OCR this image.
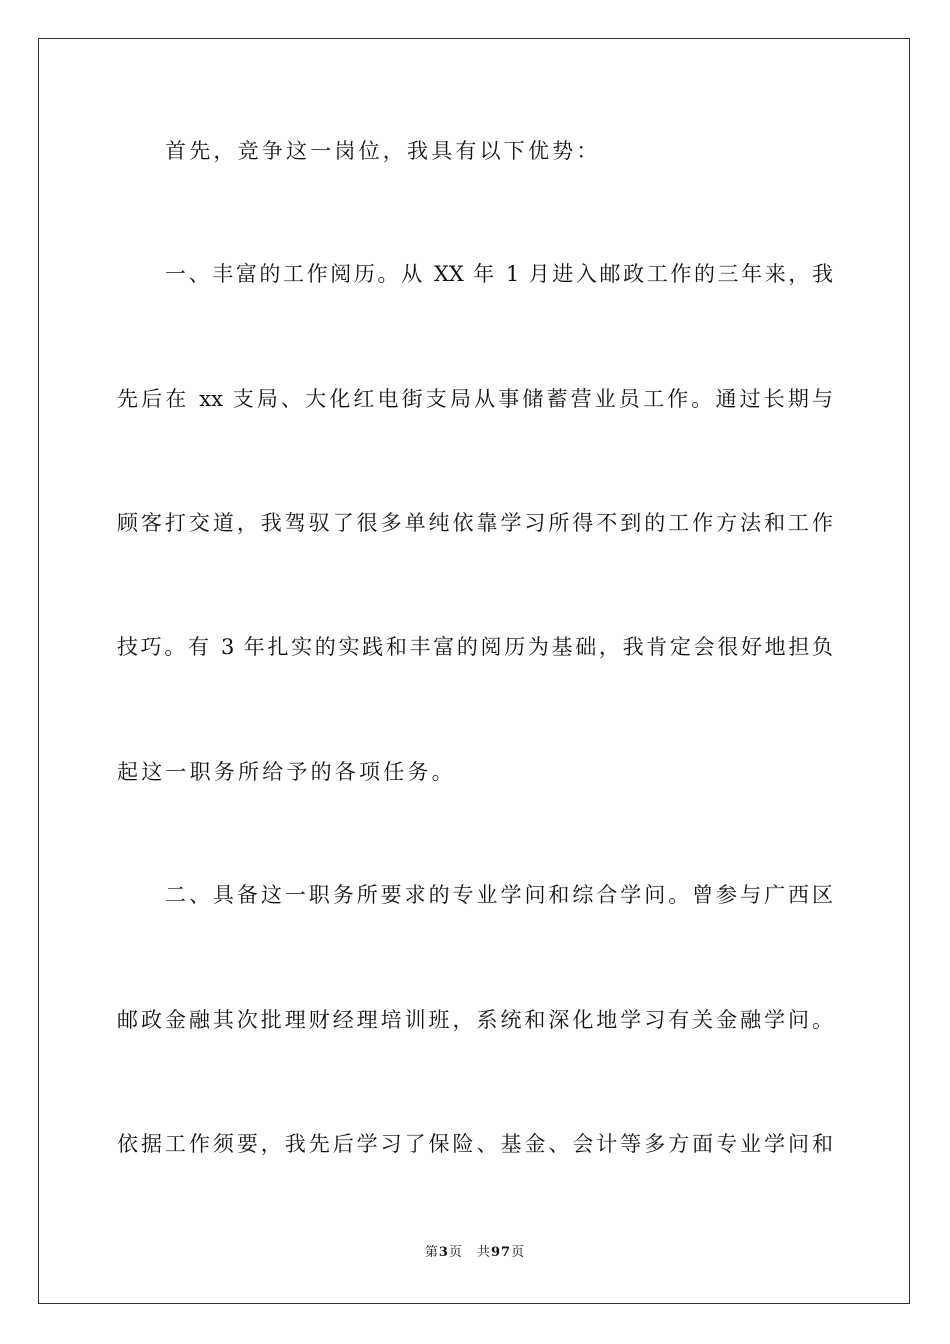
首先，竞争这一岗位，我具有以下优势：
一、丰富的工作阅历。从 XX 年 1 月进入邮政工作的三年来，我
先后在 xx 支局、大化红电街支局从事储蓄营业员工作。通过长期与
顾客打交道，我驾驭了很多单纯依靠学习所得不到的工作方法和工作
技巧。有 3 年扎实的实践和丰富的阅历为基础，我肯定会很好地担负
起这一职务所给予的各项任务。
二、具备这一职务所要求的专业学问和综合学问。曾参与广西区
邮政金融其次批理财经理培训班，系统和深化地学习有关金融学问。
依据工作须要，我先后学习了保险、基金、会计等多方面专业学问和
第3页 共97页
